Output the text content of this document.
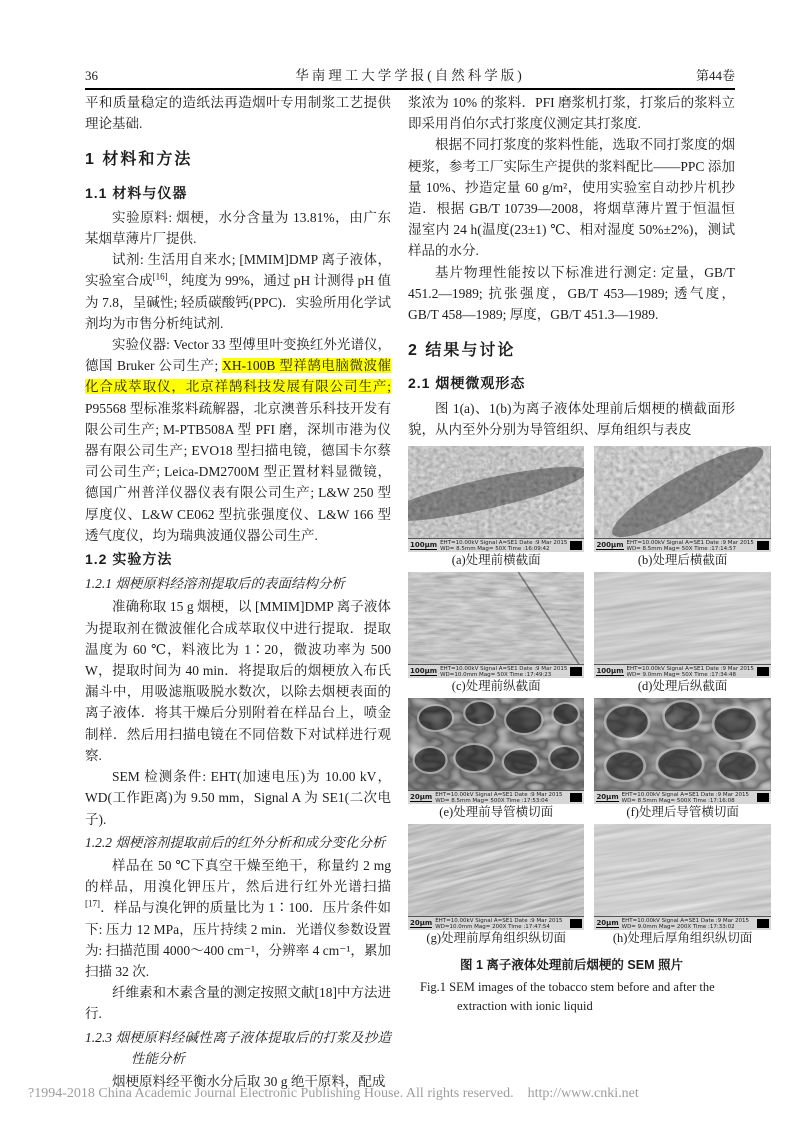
36	华南理工大学学报(自然科学版)	第44卷

平和质量稳定的造纸法再造烟叶专用制浆工艺提供理论基础.

1 材料和方法
1.1 材料与仪器

实验原料: 烟梗，水分含量为 13.81%，由广东某烟草薄片厂提供.

试剂: 生活用自来水; [MMIM]DMP 离子液体，实验室合成[16]，纯度为 99%，通过 pH 计测得 pH 值为 7.8，呈碱性; 轻质碳酸钙(PPC)．实验所用化学试剂均为市售分析纯试剂.

实验仪器: Vector 33 型傅里叶变换红外光谱仪，德国 Bruker 公司生产; XH-100B 型祥鹄电脑微波催化合成萃取仪，北京祥鹄科技发展有限公司生产; P95568 型标准浆料疏解器，北京澳普乐科技开发有限公司生产; M-PTB508A 型 PFI 磨，深圳市港为仪器有限公司生产; EVO18 型扫描电镜，德国卡尔蔡司公司生产; Leica-DM2700M 型正置材料显微镜，德国广州普洋仪器仪表有限公司生产; L&W 250 型厚度仪、L&W CE062 型抗张强度仪、L&W 166 型透气度仪，均为瑞典波通仪器公司生产.

1.2 实验方法
1.2.1 烟梗原料经溶剂提取后的表面结构分析

准确称取 15 g 烟梗，以 [MMIM]DMP 离子液体为提取剂在微波催化合成萃取仪中进行提取．提取温度为 60 ℃，料液比为 1∶20，微波功率为 500 W，提取时间为 40 min．将提取后的烟梗放入布氏漏斗中，用吸滤瓶吸脱水数次，以除去烟梗表面的离子液体．将其干燥后分别附着在样品台上，喷金制样．然后用扫描电镜在不同倍数下对试样进行观察.

SEM 检测条件: EHT(加速电压)为 10.00 kV，WD(工作距离)为 9.50 mm，Signal A 为 SE1(二次电子).

1.2.2 烟梗溶剂提取前后的红外分析和成分变化分析

样品在 50 ℃下真空干燥至绝干，称量约 2 mg 的样品，用溴化钾压片，然后进行红外光谱扫描[17]．样品与溴化钾的质量比为 1∶100．压片条件如下: 压力 12 MPa，压片持续 2 min．光谱仪参数设置为: 扫描范围 4000～400 cm⁻¹，分辨率 4 cm⁻¹，累加扫描 32 次.

纤维素和木素含量的测定按照文献[18]中方法进行.

1.2.3 烟梗原料经碱性离子液体提取后的打浆及抄造性能分析

烟梗原料经平衡水分后取 30 g 绝干原料，配成

浆浓为 10% 的浆料．PFI 磨浆机打浆，打浆后的浆料立即采用肖伯尔式打浆度仪测定其打浆度.

根据不同打浆度的浆料性能，选取不同打浆度的烟梗浆，参考工厂实际生产提供的浆料配比——PPC 添加量 10%、抄造定量 60 g/m²，使用实验室自动抄片机抄造．根据 GB/T 10739—2008，将烟草薄片置于恒温恒湿室内 24 h(温度(23±1) ℃、相对湿度 50%±2%)，测试样品的水分.

基片物理性能按以下标准进行测定: 定量，GB/T 451.2—1989; 抗张强度，GB/T 453—1989; 透气度，GB/T 458—1989; 厚度，GB/T 451.3—1989.

2 结果与讨论
2.1 烟梗微观形态

图 1(a)、1(b)为离子液体处理前后烟梗的横截面形貌，从内至外分别为导管组织、厚角组织与表皮

100μm EHT=10.00kV Signal A=SE1 Date :9 Mar 2015
WD= 8.5mm Mag= 50X Time :16:09:42
(a)处理前横截面
200μm EHT=10.00kV Signal A=SE1 Date :9 Mar 2015
WD= 8.5mm Mag= 50X Time :17:14:57
(b)处理后横截面
100μm EHT=10.00kV Signal A=SE1 Date :9 Mar 2015
WD=10.0mm Mag= 50X Time :17:49:23
(c)处理前纵截面
100μm EHT=10.00kV Signal A=SE1 Date :9 Mar 2015
WD= 9.0mm Mag= 50X Time :17:34:48
(d)处理后纵截面
20μm EHT=10.00kV Signal A=SE1 Date :9 Mar 2015
WD= 8.5mm Mag= 500X Time :17:53:04
(e)处理前导管横切面
20μm EHT=10.00kV Signal A=SE1 Date :9 Mar 2015
WD= 8.5mm Mag= 500X Time :17:16:08
(f)处理后导管横切面
20μm EHT=10.00kV Signal A=SE1 Date :9 Mar 2015
WD=10.0mm Mag= 200X Time :17:47:54
(g)处理前厚角组织纵切面
20μm EHT=10.00kV Signal A=SE1 Date :9 Mar 2015
WD= 9.0mm Mag= 200X Time :17:33:02
(h)处理后厚角组织纵切面
图 1 离子液体处理前后烟梗的 SEM 照片
Fig.1 SEM images of the tobacco stem before and after the
extraction with ionic liquid
?1994-2018 China Academic Journal Electronic Publishing House. All rights reserved. http://www.cnki.net
